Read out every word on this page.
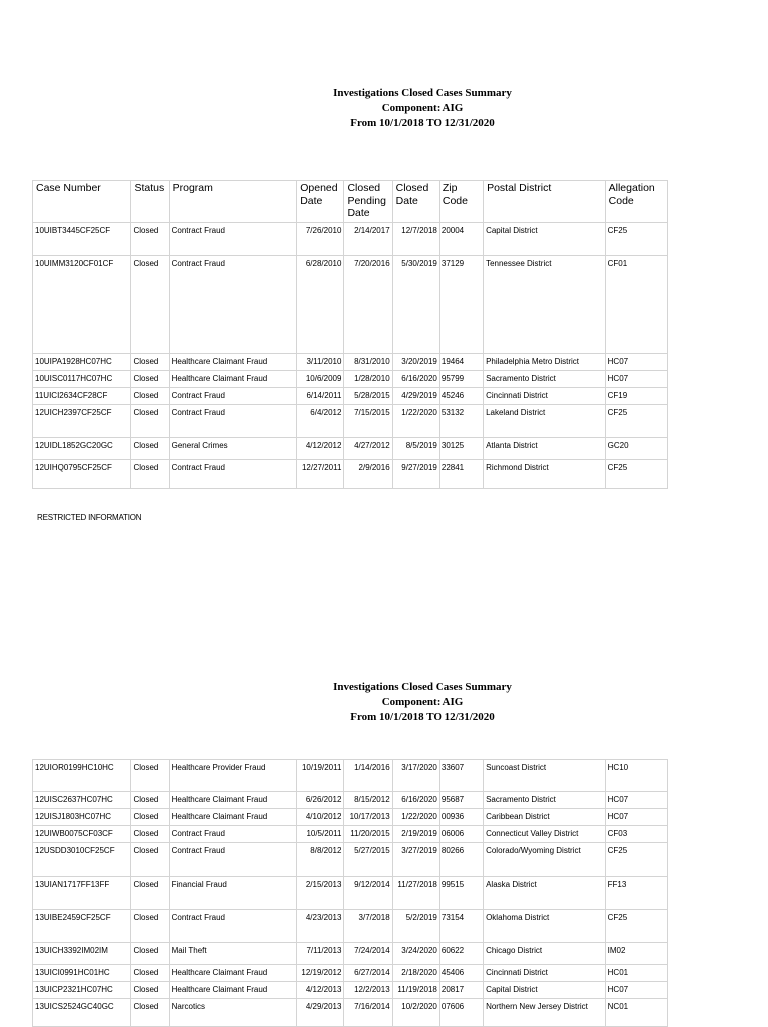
Investigations Closed Cases Summary
Component: AIG
From 10/1/2018 TO 12/31/2020
Case Number	Status	Program	Opened Date	Closed Pending Date	Closed Date	Zip Code	Postal District	Allegation Code
10UIBT3445CF25CF	Closed	Contract Fraud	7/26/2010	2/14/2017	12/7/2018	20004	Capital District	CF25
10UIMM3120CF01CF	Closed	Contract Fraud	6/28/2010	7/20/2016	5/30/2019	37129	Tennessee District	CF01
10UIPA1928HC07HC	Closed	Healthcare Claimant Fraud	3/11/2010	8/31/2010	3/20/2019	19464	Philadelphia Metro District	HC07
10UISC0117HC07HC	Closed	Healthcare Claimant Fraud	10/6/2009	1/28/2010	6/16/2020	95799	Sacramento District	HC07
11UICI2634CF28CF	Closed	Contract Fraud	6/14/2011	5/28/2015	4/29/2019	45246	Cincinnati District	CF19
12UICH2397CF25CF	Closed	Contract Fraud	6/4/2012	7/15/2015	1/22/2020	53132	Lakeland District	CF25
12UIDL1852GC20GC	Closed	General Crimes	4/12/2012	4/27/2012	8/5/2019	30125	Atlanta District	GC20
12UIHQ0795CF25CF	Closed	Contract Fraud	12/27/2011	2/9/2016	9/27/2019	22841	Richmond District	CF25
RESTRICTED INFORMATION
Investigations Closed Cases Summary
Component: AIG
From 10/1/2018 TO 12/31/2020
12UIOR0199HC10HC	Closed	Healthcare Provider Fraud	10/19/2011	1/14/2016	3/17/2020	33607	Suncoast District	HC10
12UISC2637HC07HC	Closed	Healthcare Claimant Fraud	6/26/2012	8/15/2012	6/16/2020	95687	Sacramento District	HC07
12UISJ1803HC07HC	Closed	Healthcare Claimant Fraud	4/10/2012	10/17/2013	1/22/2020	00936	Caribbean District	HC07
12UIWB0075CF03CF	Closed	Contract Fraud	10/5/2011	11/20/2015	2/19/2019	06006	Connecticut Valley District	CF03
12USDD3010CF25CF	Closed	Contract Fraud	8/8/2012	5/27/2015	3/27/2019	80266	Colorado/Wyoming District	CF25
13UIAN1717FF13FF	Closed	Financial Fraud	2/15/2013	9/12/2014	11/27/2018	99515	Alaska District	FF13
13UIBE2459CF25CF	Closed	Contract Fraud	4/23/2013	3/7/2018	5/2/2019	73154	Oklahoma District	CF25
13UICH3392IM02IM	Closed	Mail Theft	7/11/2013	7/24/2014	3/24/2020	60622	Chicago District	IM02
13UICI0991HC01HC	Closed	Healthcare Claimant Fraud	12/19/2012	6/27/2014	2/18/2020	45406	Cincinnati District	HC01
13UICP2321HC07HC	Closed	Healthcare Claimant Fraud	4/12/2013	12/2/2013	11/19/2018	20817	Capital District	HC07
13UICS2524GC40GC	Closed	Narcotics	4/29/2013	7/16/2014	10/2/2020	07606	Northern New Jersey District	NC01
